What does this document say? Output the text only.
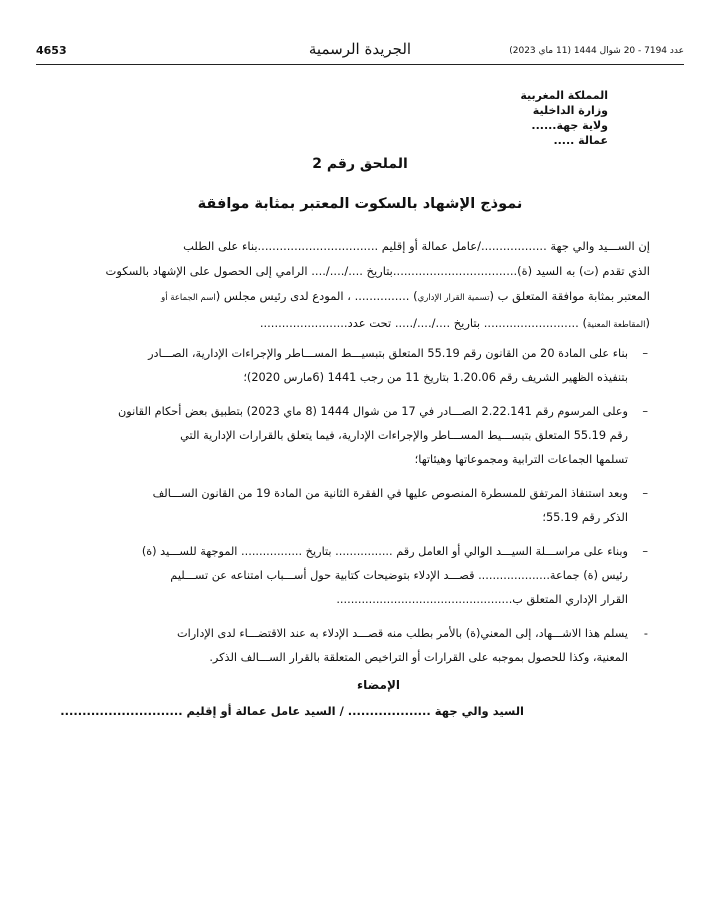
4653	الجريدة الرسمية	عدد 7194 - 20 شوال 1444 (11 ماي 2023)
المملكة المغربية
وزارة الداخلية
ولاية جهة......
عمالة .....
الملحق رقم 2
نموذج الإشهاد بالسكوت المعتبر بمثابة موافقة
إن الســـيد والي جهة ................../عامل عمالة أو إقليم .................................بناء على الطلب
الذي تقدم (ت) به السيد (ة)..................................بتاريخ ..../..../.... الرامي إلى الحصول على الإشهاد بالسكوت
المعتبر بمثابة موافقة المتعلق ب (تسمية القرار الإداري) ............... ، المودع لدى رئيس مجلس (اسم الجماعة أو
(المقاطعة المعنية) .......................... بتاريخ ..../..../..... تحت عدد........................
–
بناء على المادة 20 من القانون رقم 55.19 المتعلق بتبسيـــط المســـاطر والإجراءات الإدارية، الصـــادر
بتنفيذه الظهير الشريف رقم 1.20.06 بتاريخ 11 من رجب 1441 (6مارس 2020)؛
–
وعلى المرسوم رقم 2.22.141 الصـــادر في 17 من شوال 1444 (8 ماي 2023) بتطبيق بعض أحكام القانون
رقم 55.19 المتعلق بتبســـيط المســـاطر والإجراءات الإدارية، فيما يتعلق بالقرارات الإدارية التي
تسلمها الجماعات الترابية ومجموعاتها وهيئاتها؛
–
وبعد استنفاذ المرتفق للمسطرة المنصوص عليها في الفقرة الثانية من المادة 19 من القانون الســـالف
الذكر رقم 55.19؛
–
وبناء على مراســـلة السيـــد الوالي أو العامل رقم ................ بتاريخ ................. الموجهة للســـيد (ة)
رئيس (ة) جماعة.................... قصـــد الإدلاء بتوضيحات كتابية حول أســـباب امتناعه عن تســـليم
القرار الإداري المتعلق ب.................................................
-
يسلم هذا الاشـــهاد، إلى المعني(ة) بالأمر بطلب منه قصـــد الإدلاء به عند الاقتضـــاء لدى الإدارات
المعنية، وكذا للحصول بموجبه على القرارات أو التراخيص المتعلقة بالقرار الســـالف الذكر.
الإمضاء
السيد والي جهة ................... / السيد عامل عمالة أو إقليم ............................
